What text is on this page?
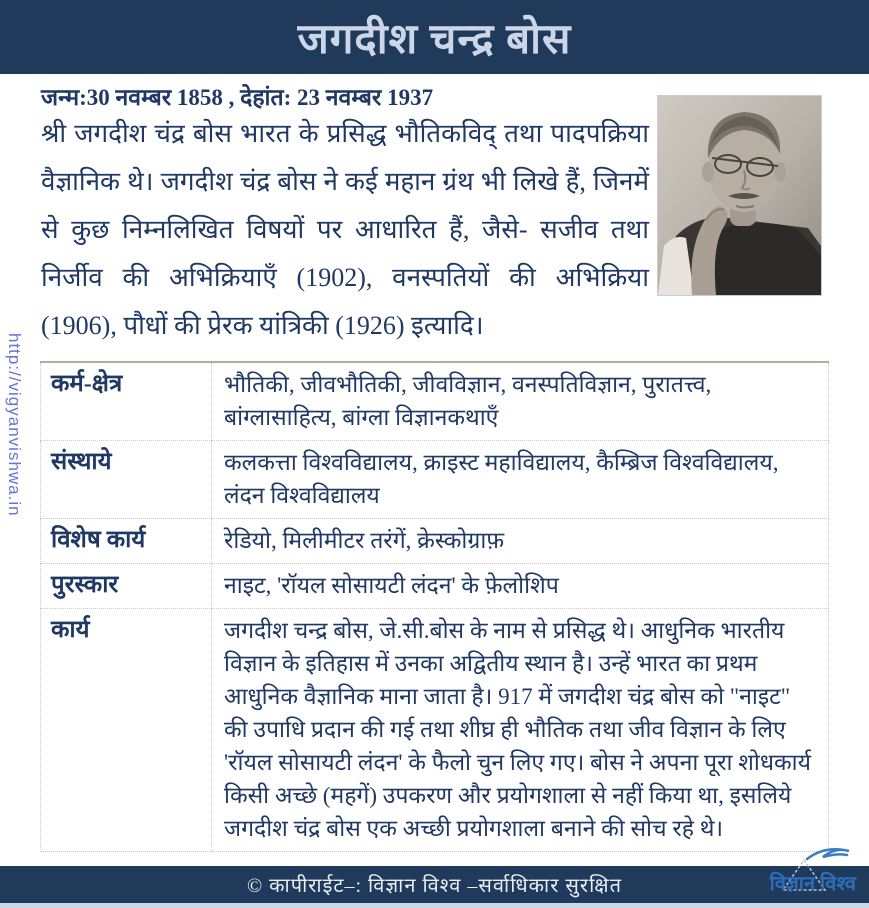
जगदीश चन्द्र बोस
जन्म:30 नवम्बर 1858 , देहांत: 23 नवम्बर 1937
श्री जगदीश चंद्र बोस भारत के प्रसिद्ध भौतिकविद् तथा पादपक्रिया वैज्ञानिक थे। जगदीश चंद्र बोस ने कई महान ग्रंथ भी लिखे हैं, जिनमें से कुछ निम्नलिखित विषयों पर आधारित हैं, जैसे- सजीव तथा निर्जीव की अभिक्रियाएँ (1902), वनस्पतियों की अभिक्रिया (1906), पौधों की प्रेरक यांत्रिकी (1926) इत्यादि।
http://vigyanvishwa.in कर्म-क्षेत्र	भौतिकी, जीवभौतिकी, जीवविज्ञान, वनस्पतिविज्ञान, पुरातत्त्व, बांग्लासाहित्य, बांग्ला विज्ञानकथाएँ
संस्थाये	कलकत्ता विश्वविद्यालय, क्राइस्ट महाविद्यालय, कैम्ब्रिज विश्वविद्यालय, लंदन विश्वविद्यालय
विशेष कार्य	रेडियो, मिलीमीटर तरंगें, क्रेस्कोग्राफ़
पुरस्कार	नाइट, 'रॉयल सोसायटी लंदन' के फ़ेलोशिप
कार्य	जगदीश चन्द्र बोस, जे.सी.बोस के नाम से प्रसिद्ध थे। आधुनिक भारतीय विज्ञान के इतिहास में उनका अद्वितीय स्थान है। उन्हें भारत का प्रथम आधुनिक वैज्ञानिक माना जाता है। 917 में जगदीश चंद्र बोस को "नाइट" की उपाधि प्रदान की गई तथा शीघ्र ही भौतिक तथा जीव विज्ञान के लिए 'रॉयल सोसायटी लंदन' के फैलो चुन लिए गए। बोस ने अपना पूरा शोधकार्य किसी अच्छे (महगें) उपकरण और प्रयोगशाला से नहीं किया था, इसलिये जगदीश चंद्र बोस एक अच्छी प्रयोगशाला बनाने की सोच रहे थे।
© कापीराईट–: विज्ञान विश्व –सर्वाधिकार सुरक्षित	विज्ञान विश्व
